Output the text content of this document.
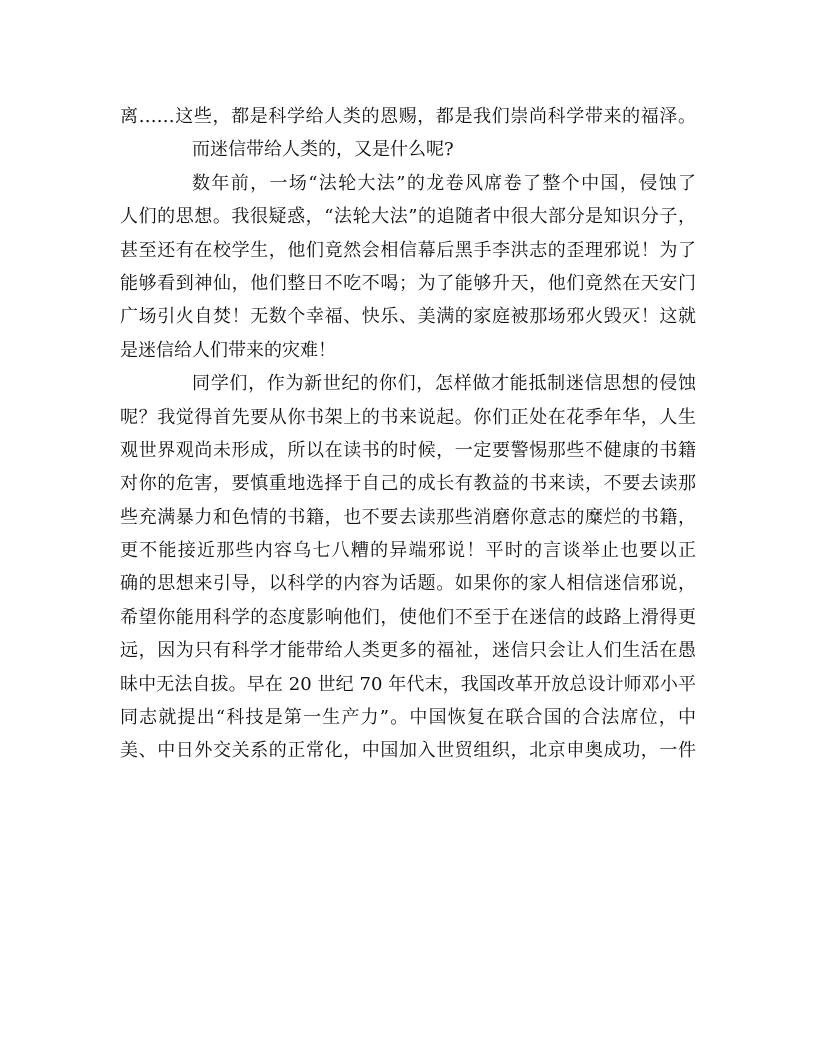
离……这些，都是科学给人类的恩赐，都是我们崇尚科学带来的福泽。
而迷信带给人类的，又是什么呢?
数年前，一场“法轮大法”的龙卷风席卷了整个中国，侵蚀了
人们的思想。我很疑惑，“法轮大法”的追随者中很大部分是知识分子，
甚至还有在校学生，他们竟然会相信幕后黑手李洪志的歪理邪说！为了
能够看到神仙，他们整日不吃不喝；为了能够升天，他们竟然在天安门
广场引火自焚！无数个幸福、快乐、美满的家庭被那场邪火毁灭！这就
是迷信给人们带来的灾难！
同学们，作为新世纪的你们，怎样做才能抵制迷信思想的侵蚀
呢？我觉得首先要从你书架上的书来说起。你们正处在花季年华，人生
观世界观尚未形成，所以在读书的时候，一定要警惕那些不健康的书籍
对你的危害，要慎重地选择于自己的成长有教益的书来读，不要去读那
些充满暴力和色情的书籍，也不要去读那些消磨你意志的糜烂的书籍，
更不能接近那些内容乌七八糟的异端邪说！平时的言谈举止也要以正
确的思想来引导，以科学的内容为话题。如果你的家人相信迷信邪说，
希望你能用科学的态度影响他们，使他们不至于在迷信的歧路上滑得更
远，因为只有科学才能带给人类更多的福祉，迷信只会让人们生活在愚
昧中无法自拔。早在 20 世纪 70 年代末，我国改革开放总设计师邓小平
同志就提出“科技是第一生产力”。中国恢复在联合国的合法席位，中
美、中日外交关系的正常化，中国加入世贸组织，北京申奥成功，一件
